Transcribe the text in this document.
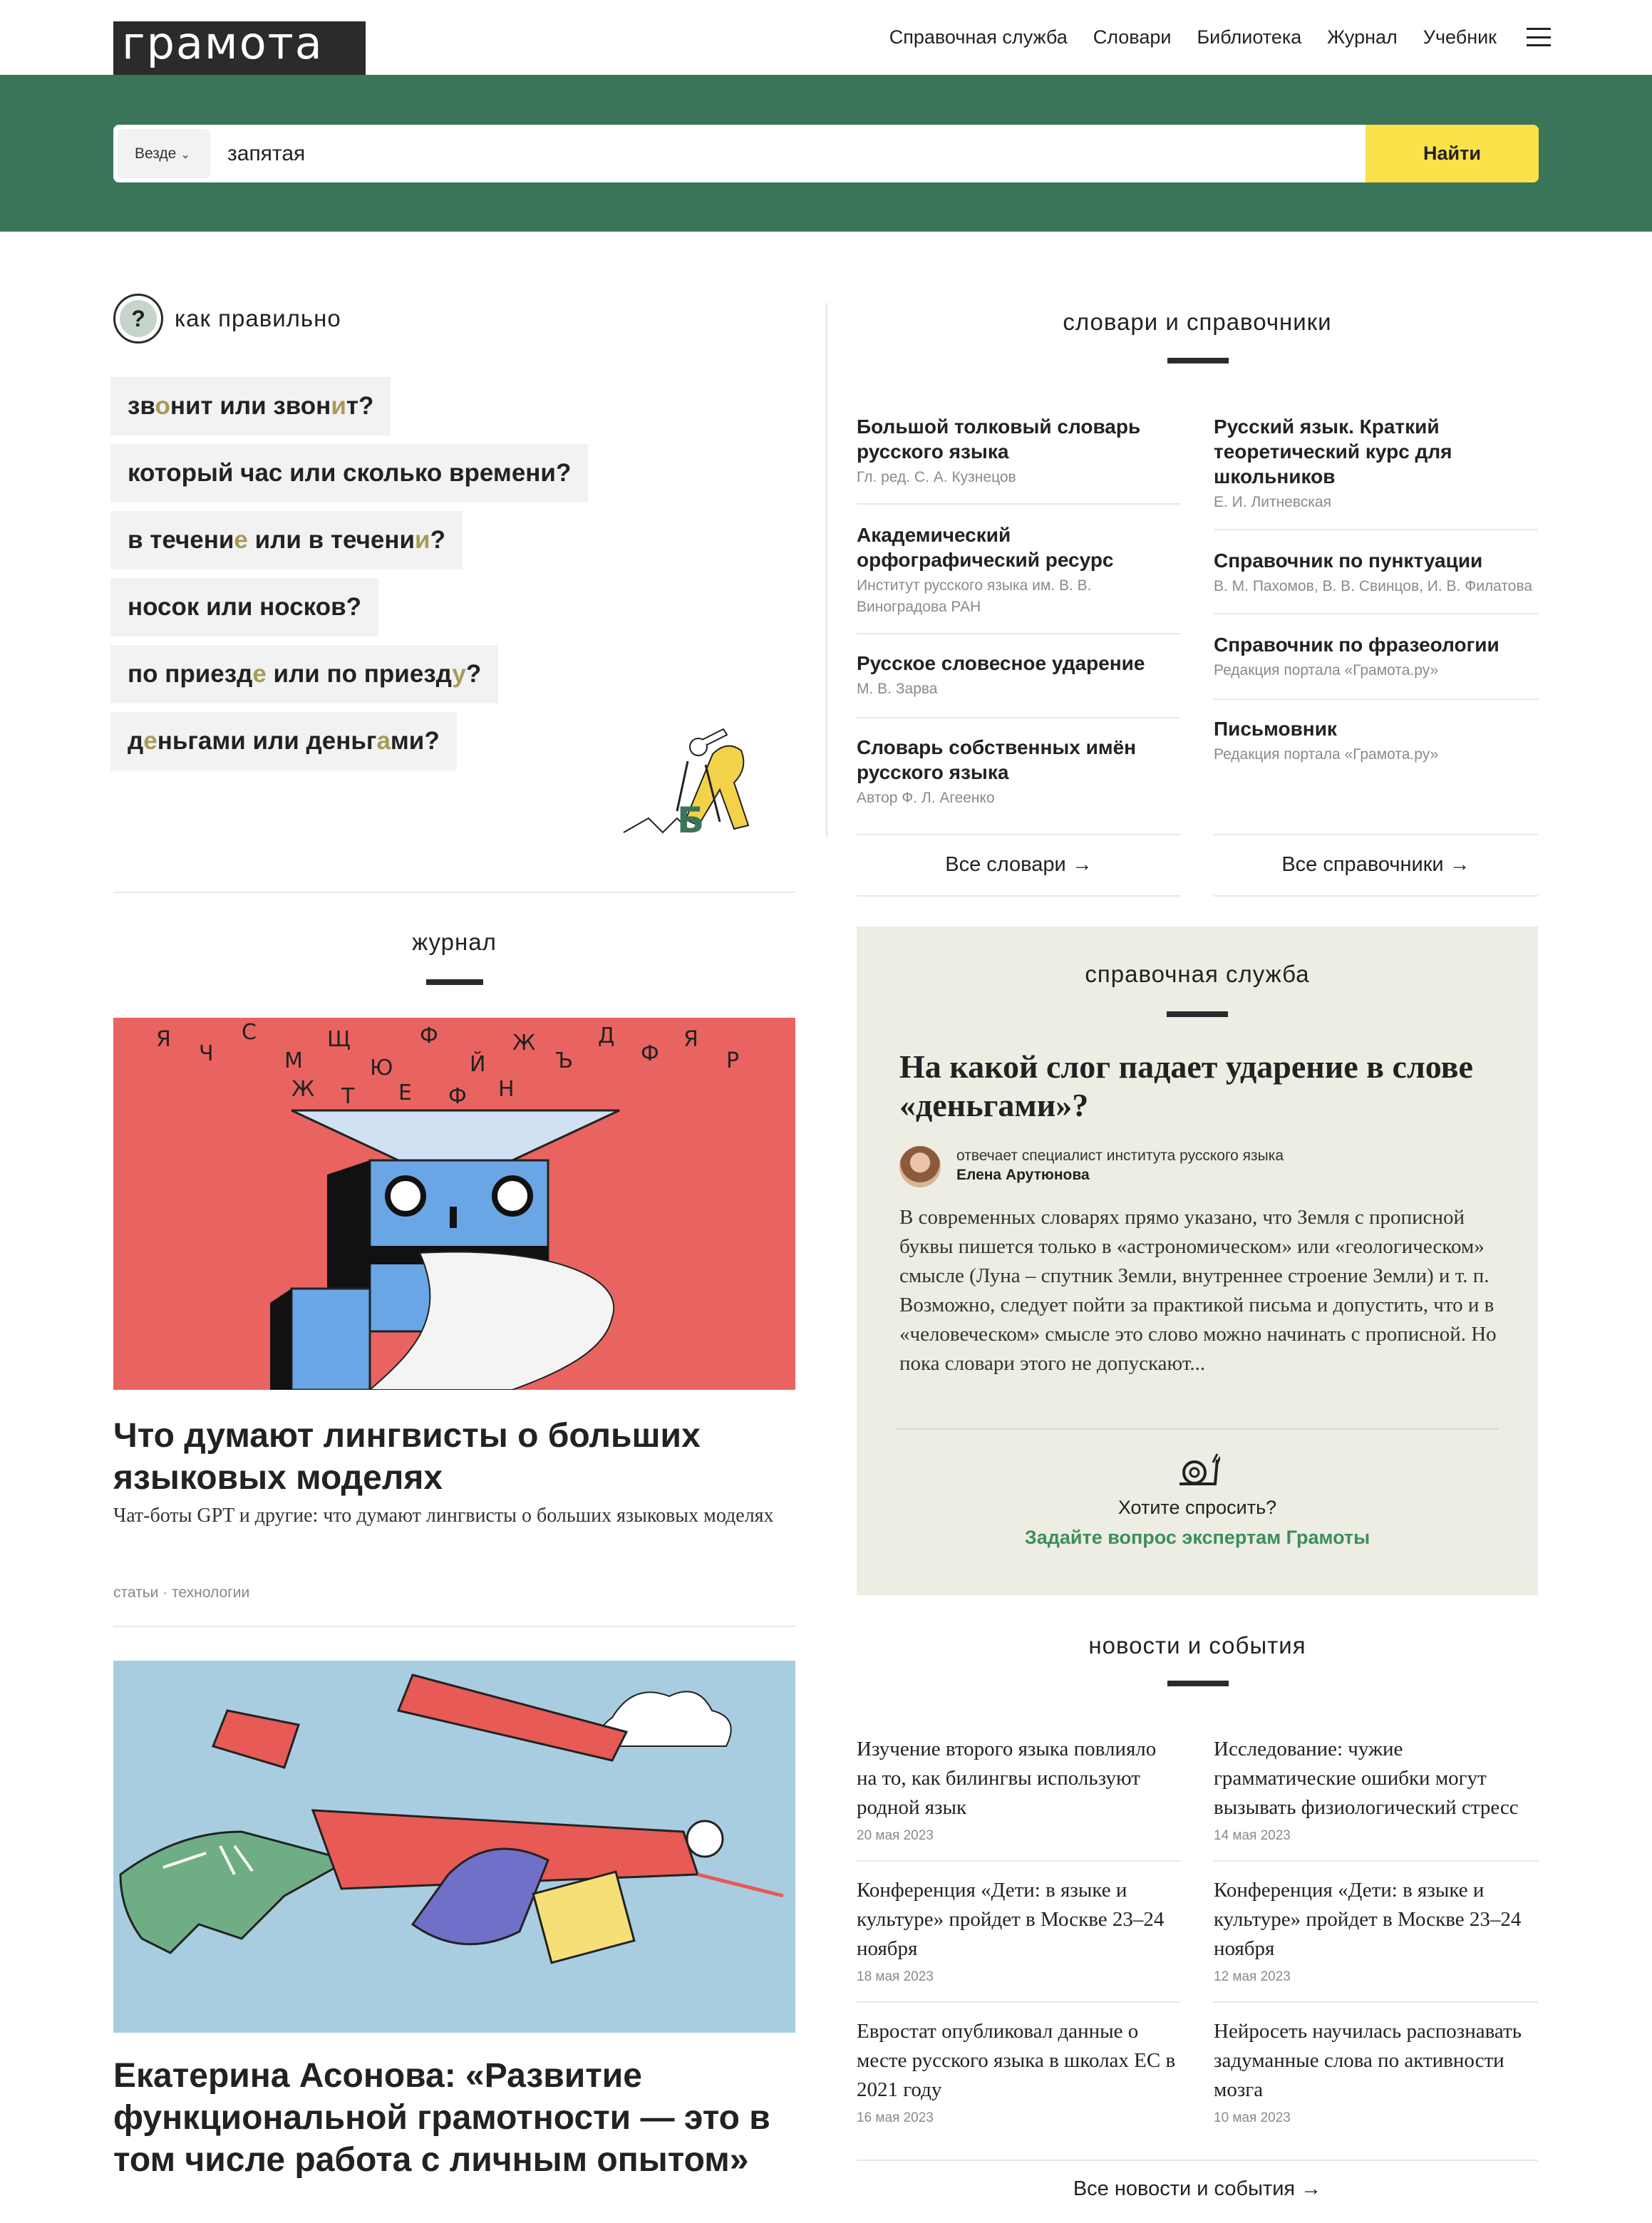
грамота	Справочная служба Словари Библиотека Журнал Учебник
Везде ⌄
запятая	Найти
?	как правильно
звонит или звонит?
который час или сколько времени?
в течение или в течении?
носок или носков?
по приезде или по приезду?
деньгами или деньгами?
Б
журнал
Я
Ч
С
М
Щ
Ю
Ф
Й
Ж
Ъ
Д
Ф
Я
Р
Ж Т Е Ф Н
Что думают лингвисты о больших языковых моделях
Чат-боты GPT и другие: что думают лингвисты о больших языковых моделях
статьи · технологии
Екатерина Асонова: «Развитие функциональной грамотности — это в том числе работа с личным опытом»
словари и справочники
Большой толковый словарь русского языка
Гл. ред. С. А. Кузнецов
Академический орфографический ресурс
Институт русского языка им. В. В. Виноградова РАН
Русское словесное ударение
М. В. Зарва
Словарь собственных имён русского языка
Автор Ф. Л. Агеенко
Все словари →
Русский язык. Краткий теоретический курс для школьников
Е. И. Литневская
Справочник по пунктуации
В. М. Пахомов, В. В. Свинцов, И. В. Филатова
Справочник по фразеологии
Редакция портала «Грамота.ру»
Письмовник
Редакция портала «Грамота.ру»
Все справочники →
справочная служба
На какой слог падает ударение в слове «деньгами»?
отвечает специалист института русского языка
Елена Арутюнова
В современных словарях прямо указано, что Земля с прописной буквы пишется только в «астрономическом» или «геологическом» смысле (Луна – спутник Земли, внутреннее строение Земли) и т. п. Возможно, следует пойти за практикой письма и допустить, что и в «человеческом» смысле это слово можно начинать с прописной. Но пока словари этого не допускают...
Хотите спросить?
Задайте вопрос экспертам Грамоты
новости и события
Изучение второго языка повлияло на то, как билингвы используют родной язык
20 мая 2023
Исследование: чужие грамматические ошибки могут вызывать физиологический стресс
14 мая 2023
Конференция «Дети: в языке и культуре» пройдет в Москве 23–24 ноября
18 мая 2023
Конференция «Дети: в языке и культуре» пройдет в Москве 23–24 ноября
12 мая 2023
Евростат опубликовал данные о месте русского языка в школах ЕС в 2021 году
16 мая 2023
Нейросеть научилась распознавать задуманные слова по активности мозга
10 мая 2023
Все новости и события →
